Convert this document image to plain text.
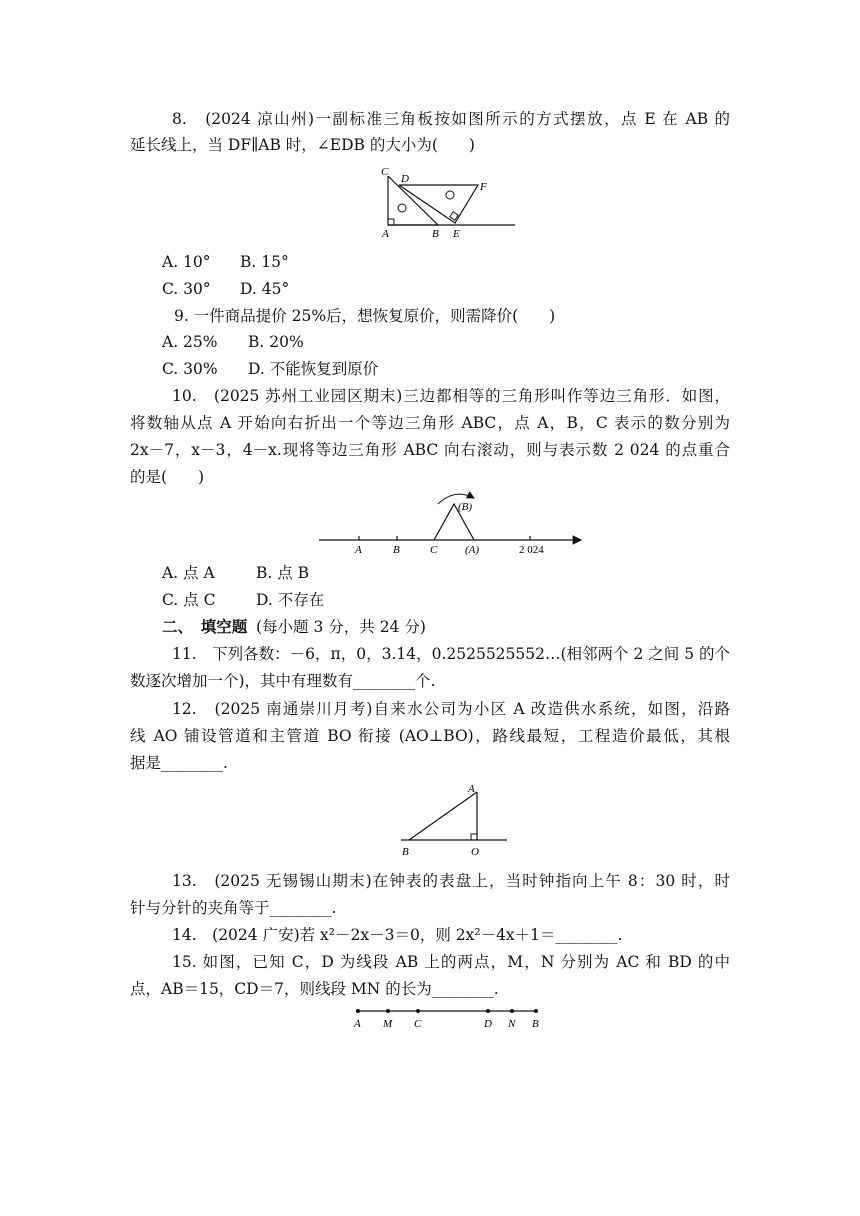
8.　(2024 凉山州)一副标准三角板按如图所示的方式摆放，点 E 在 AB 的
延长线上，当 DF∥AB 时，∠EDB 的大小为(　　)
C
D
F
A	B E
A. 10° B. 15°
C. 30° D. 45°
9. 一件商品提价 25%后，想恢复原价，则需降价(　　)
A. 25% B. 20%
C. 30% D. 不能恢复到原价
10.　(2025 苏州工业园区期末)三边都相等的三角形叫作等边三角形．如图，
将数轴从点 A 开始向右折出一个等边三角形 ABC，点 A，B，C 表示的数分别为
2x－7，x－3，4－x.现将等边三角形 ABC 向右滚动，则与表示数 2 024 的点重合
的是(　　)
A	B	C	(A)
(B)
2 024
A. 点 A	B. 点 B
C. 点 C	D. 不存在
二、　填空题 (每小题 3 分，共 24 分)
11.　下列各数：－6，π，0，3.14，0.2525525552…(相邻两个 2 之间 5 的个
数逐次增加一个)，其中有理数有________个.
12.　(2025 南通崇川月考)自来水公司为小区 A 改造供水系统，如图，沿路
线 AO 铺设管道和主管道 BO 衔接 (AO⊥BO)，路线最短，工程造价最低，其根
据是________.
A
B	O
13.　(2025 无锡锡山期末)在钟表的表盘上，当时钟指向上午 8：30 时，时
针与分针的夹角等于________.
14.　(2024 广安)若 x²－2x－3＝0，则 2x²－4x＋1＝________.
15. 如图，已知 C，D 为线段 AB 上的两点，M，N 分别为 AC 和 BD 的中
点，AB＝15，CD＝7，则线段 MN 的长为________.
A M C	D N B
